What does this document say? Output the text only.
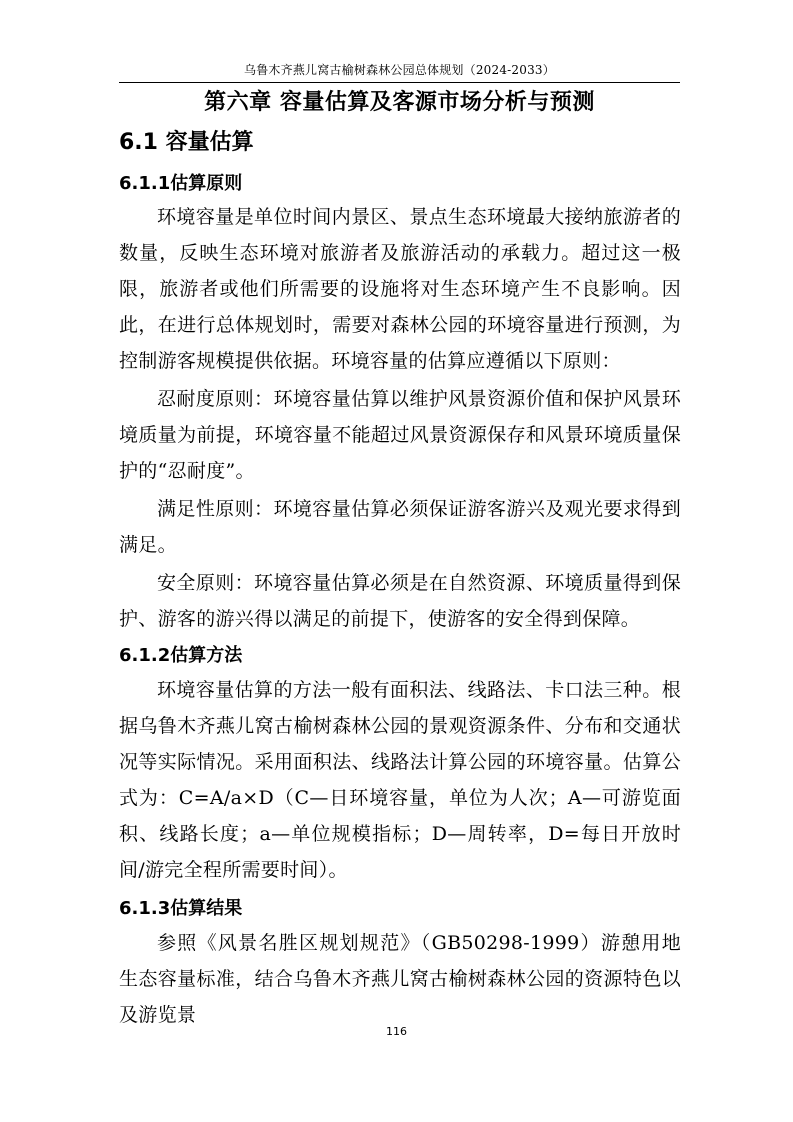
乌鲁木齐燕儿窝古榆树森林公园总体规划（2024-2033）
第六章 容量估算及客源市场分析与预测
6.1 容量估算
6.1.1估算原则

环境容量是单位时间内景区、景点生态环境最大接纳旅游者的数量，反映生态环境对旅游者及旅游活动的承载力。超过这一极限，旅游者或他们所需要的设施将对生态环境产生不良影响。因此，在进行总体规划时，需要对森林公园的环境容量进行预测，为控制游客规模提供依据。环境容量的估算应遵循以下原则：

忍耐度原则：环境容量估算以维护风景资源价值和保护风景环境质量为前提，环境容量不能超过风景资源保存和风景环境质量保护的“忍耐度”。

满足性原则：环境容量估算必须保证游客游兴及观光要求得到满足。

安全原则：环境容量估算必须是在自然资源、环境质量得到保护、游客的游兴得以满足的前提下，使游客的安全得到保障。

6.1.2估算方法

环境容量估算的方法一般有面积法、线路法、卡口法三种。根据乌鲁木齐燕儿窝古榆树森林公园的景观资源条件、分布和交通状况等实际情况。采用面积法、线路法计算公园的环境容量。估算公式为：C=A/a×D（C—日环境容量，单位为人次；A—可游览面积、线路长度；a—单位规模指标；D—周转率，D=每日开放时间/游完全程所需要时间）。

6.1.3估算结果

参照《风景名胜区规划规范》（GB50298-1999）游憩用地生态容量标准，结合乌鲁木齐燕儿窝古榆树森林公园的资源特色以及游览景

116
